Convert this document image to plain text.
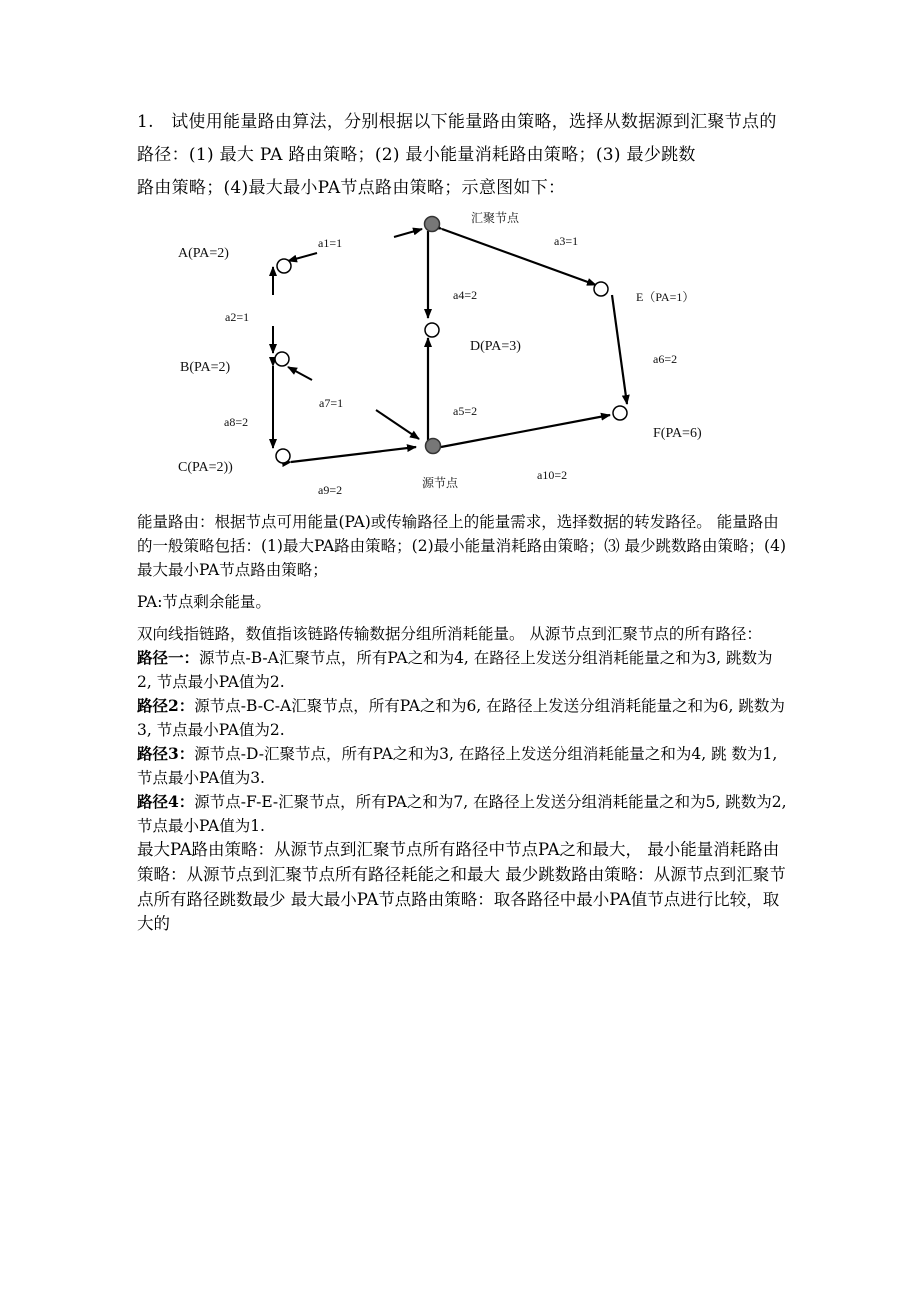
1.　试使用能量路由算法，分别根据以下能量路由策略，选择从数据源到汇聚节点的路径：(1) 最大 PA 路由策略；(2) 最小能量消耗路由策略；(3) 最少跳数

路由策略；(4)最大最小PA节点路由策略；示意图如下：

汇聚节点
源节点
A(PA=2)
B(PA=2)
C(PA=2))
D(PA=3)
E（PA=1）
F(PA=6)
a1=1
a2=1
a3=1
a4=2
a5=2
a6=2
a7=1
a8=2
a9=2
a10=2

能量路由：根据节点可用能量(PA)或传输路径上的能量需求，选择数据的转发路径。 能量路由的一般策略包括：(1)最大PA路由策略；(2)最小能量消耗路由策略；⑶ 最少跳数路由策略；(4)最大最小PA节点路由策略；

PA:节点剩余能量。

双向线指链路，数值指该链路传输数据分组所消耗能量。 从源节点到汇聚节点的所有路径：

路径一：源节点-B-A汇聚节点，所有PA之和为4, 在路径上发送分组消耗能量之和为3, 跳数为2, 节点最小PA值为2.

路径2：源节点-B-C-A汇聚节点，所有PA之和为6, 在路径上发送分组消耗能量之和为6, 跳数为3, 节点最小PA值为2.

路径3：源节点-D-汇聚节点，所有PA之和为3, 在路径上发送分组消耗能量之和为4, 跳 数为1, 节点最小PA值为3.

路径4：源节点-F-E-汇聚节点，所有PA之和为7, 在路径上发送分组消耗能量之和为5, 跳数为2, 节点最小PA值为1.

最大PA路由策略：从源节点到汇聚节点所有路径中节点PA之和最大， 最小能量消耗路由策略：从源节点到汇聚节点所有路径耗能之和最大 最少跳数路由策略：从源节点到汇聚节点所有路径跳数最少 最大最小PA节点路由策略：取各路径中最小PA值节点进行比较，取大的
